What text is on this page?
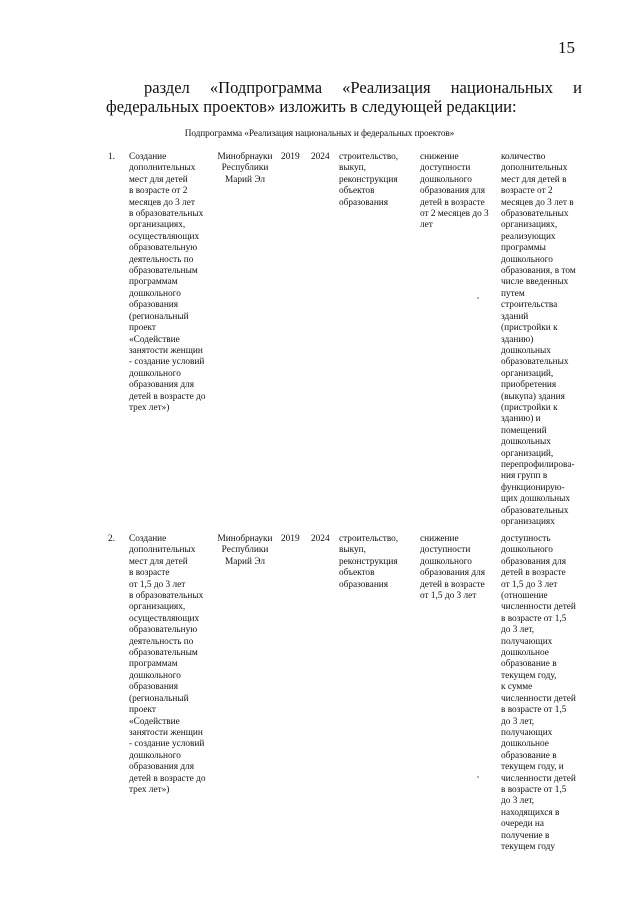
15

раздел «Подпрограмма «Реализация национальных и федеральных проектов» изложить в следующей редакции:

Подпрограмма «Реализация национальных и федеральных проектов»
1. Создание
дополнительных
мест для детей
в возрасте от 2
месяцев до 3 лет
в образовательных
организациях,
осуществляющих
образовательную
деятельность по
образовательным
программам
дошкольного
образования
(региональный
проект
«Содействие
занятости женщин
- создание условий
дошкольного
образования для
детей в возрасте до
трех лет»)
Минобрнауки
Республики
Марий Эл
2019 2024 строительство,
выкуп,
реконструкция
объектов
образования
снижение
доступности
дошкольного
образования для
детей в возрасте
от 2 месяцев до 3
лет
количество
дополнительных
мест для детей в
возрасте от 2
месяцев до 3 лет в
образовательных
организациях,
реализующих
программы
дошкольного
образования, в том
числе введенных
путем
строительства
зданий
(пристройки к
зданию)
дошкольных
образовательных
организаций,
приобретения
(выкупа) здания
(пристройки к
зданию) и
помещений
дошкольных
организаций,
перепрофилирова-
ния групп в
функционирую-
щих дошкольных
образовательных
организациях
2. Создание
дополнительных
мест для детей
в возрасте
от 1,5 до 3 лет
в образовательных
организациях,
осуществляющих
образовательную
деятельность по
образовательным
программам
дошкольного
образования
(региональный
проект
«Содействие
занятости женщин
- создание условий
дошкольного
образования для
детей в возрасте до
трех лет»)
Минобрнауки
Республики
Марий Эл
2019 2024 строительство,
выкуп,
реконструкция
объектов
образования
снижение
доступности
дошкольного
образования для
детей в возрасте
от 1,5 до 3 лет
доступность
дошкольного
образования для
детей в возрасте
от 1,5 до 3 лет
(отношение
численности детей
в возрасте от 1,5
до 3 лет,
получающих
дошкольное
образование в
текущем году,
к сумме
численности детей
в возрасте от 1,5
до 3 лет,
получающих
дошкольное
образование в
текущем году, и
численности детей
в возрасте от 1,5
до 3 лет,
находящихся в
очереди на
получение в
текущем году
